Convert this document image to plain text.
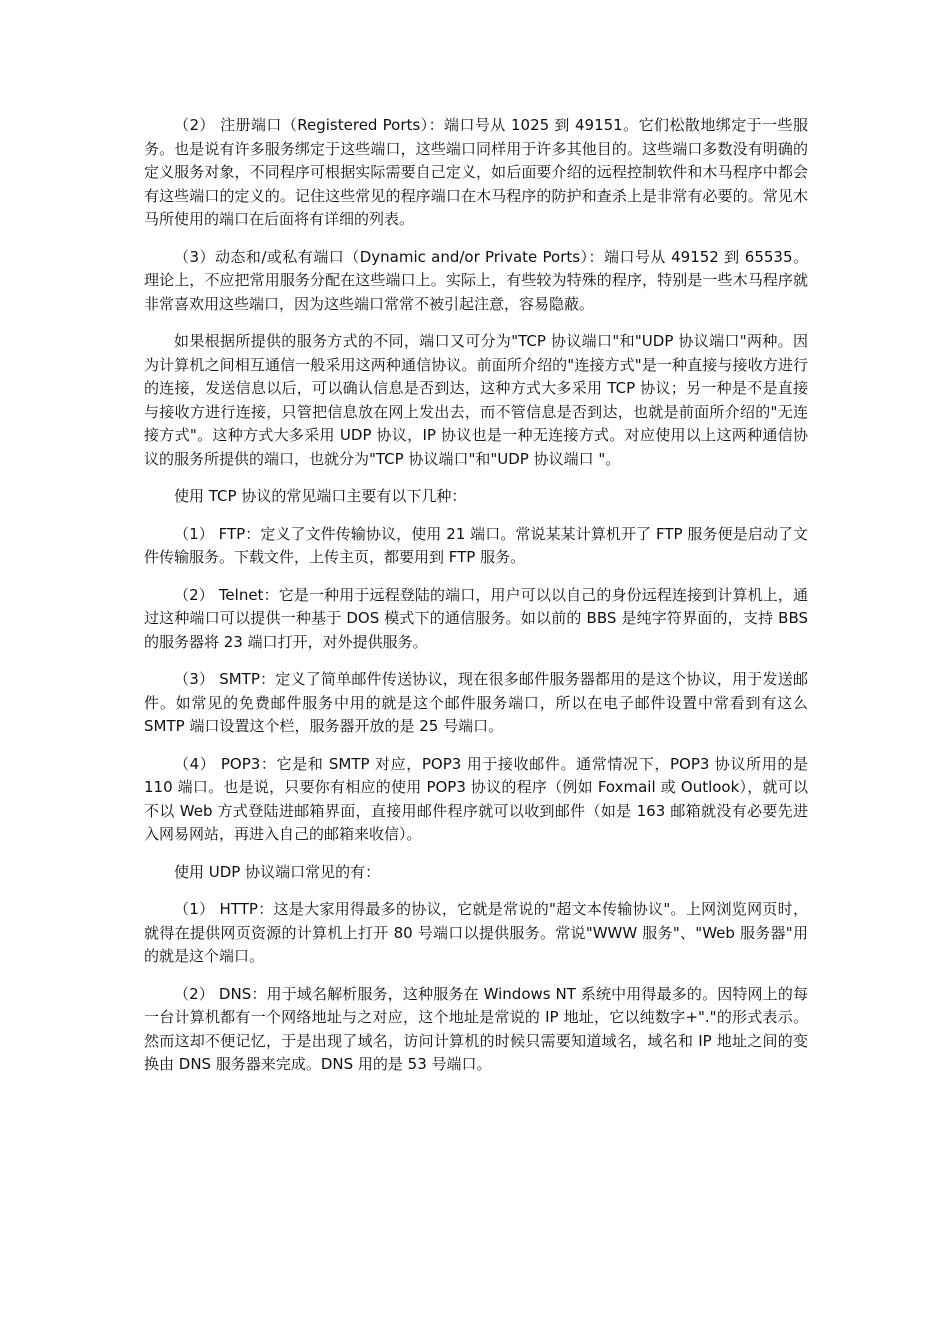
（2） 注册端口（Registered Ports）：端口号从 1025 到 49151。它们松散地绑定于一些服务。也是说有许多服务绑定于这些端口，这些端口同样用于许多其他目的。这些端口多数没有明确的定义服务对象，不同程序可根据实际需要自己定义，如后面要介绍的远程控制软件和木马程序中都会有这些端口的定义的。记住这些常见的程序端口在木马程序的防护和查杀上是非常有必要的。常见木马所使用的端口在后面将有详细的列表。

（3）动态和/或私有端口（Dynamic and/or Private Ports）：端口号从 49152 到 65535。理论上，不应把常用服务分配在这些端口上。实际上，有些较为特殊的程序，特别是一些木马程序就非常喜欢用这些端口，因为这些端口常常不被引起注意，容易隐蔽。

如果根据所提供的服务方式的不同，端口又可分为"TCP 协议端口"和"UDP 协议端口"两种。因为计算机之间相互通信一般采用这两种通信协议。前面所介绍的"连接方式"是一种直接与接收方进行的连接，发送信息以后，可以确认信息是否到达，这种方式大多采用 TCP 协议；另一种是不是直接与接收方进行连接，只管把信息放在网上发出去，而不管信息是否到达，也就是前面所介绍的"无连接方式"。这种方式大多采用 UDP 协议，IP 协议也是一种无连接方式。对应使用以上这两种通信协议的服务所提供的端口，也就分为"TCP 协议端口"和"UDP 协议端口 "。

使用 TCP 协议的常见端口主要有以下几种：

（1） FTP：定义了文件传输协议，使用 21 端口。常说某某计算机开了 FTP 服务便是启动了文件传输服务。下载文件，上传主页，都要用到 FTP 服务。

（2） Telnet：它是一种用于远程登陆的端口，用户可以以自己的身份远程连接到计算机上，通过这种端口可以提供一种基于 DOS 模式下的通信服务。如以前的 BBS 是纯字符界面的，支持 BBS 的服务器将 23 端口打开，对外提供服务。

（3） SMTP：定义了简单邮件传送协议，现在很多邮件服务器都用的是这个协议，用于发送邮件。如常见的免费邮件服务中用的就是这个邮件服务端口，所以在电子邮件设置中常看到有这么 SMTP 端口设置这个栏，服务器开放的是 25 号端口。

（4） POP3：它是和 SMTP 对应，POP3 用于接收邮件。通常情况下，POP3 协议所用的是 110 端口。也是说，只要你有相应的使用 POP3 协议的程序（例如 Foxmail 或 Outlook），就可以不以 Web 方式登陆进邮箱界面，直接用邮件程序就可以收到邮件（如是 163 邮箱就没有必要先进入网易网站，再进入自己的邮箱来收信）。

使用 UDP 协议端口常见的有：

（1） HTTP：这是大家用得最多的协议，它就是常说的"超文本传输协议"。上网浏览网页时，就得在提供网页资源的计算机上打开 80 号端口以提供服务。常说"WWW 服务"、"Web 服务器"用的就是这个端口。

（2） DNS：用于域名解析服务，这种服务在 Windows NT 系统中用得最多的。因特网上的每一台计算机都有一个网络地址与之对应，这个地址是常说的 IP 地址，它以纯数字+"."的形式表示。然而这却不便记忆，于是出现了域名，访问计算机的时候只需要知道域名，域名和 IP 地址之间的变换由 DNS 服务器来完成。DNS 用的是 53 号端口。
